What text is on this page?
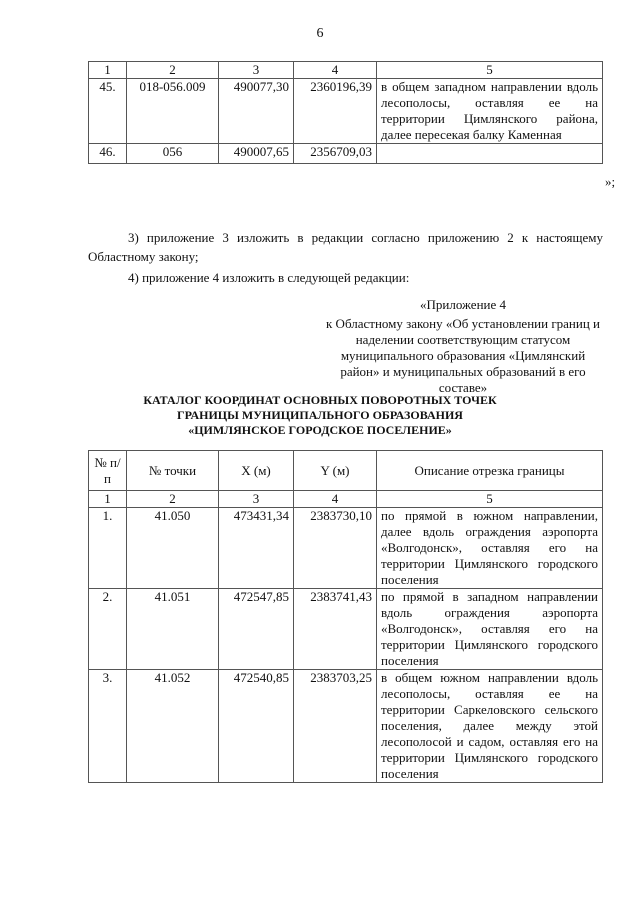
6
1	2	3	4	5
45.	018-056.009	490077,30	2360196,39	в общем западном направлении вдоль лесополосы, оставляя ее на территории Цимлянского района, далее пересекая балку Каменная
46.	056	490007,65	2356709,03	
»;
3) приложение 3 изложить в редакции согласно приложению 2 к настоящему Областному закону;
4) приложение 4 изложить в следующей редакции:
«Приложение 4
к Областному закону «Об установлении границ и наделении соответствующим статусом муниципального образования «Цимлянский район» и муниципальных образований в его составе»
КАТАЛОГ КООРДИНАТ ОСНОВНЫХ ПОВОРОТНЫХ ТОЧЕК
ГРАНИЦЫ МУНИЦИПАЛЬНОГО ОБРАЗОВАНИЯ
«ЦИМЛЯНСКОЕ ГОРОДСКОЕ ПОСЕЛЕНИЕ»
№ п/п	№ точки	X (м)	Y (м)	Описание отрезка границы
1	2	3	4	5
1.	41.050	473431,34	2383730,10	по прямой в южном направлении, далее вдоль ограждения аэропорта «Волгодонск», оставляя его на территории Цимлянского городского поселения
2.	41.051	472547,85	2383741,43	по прямой в западном направлении вдоль ограждения аэропорта «Волгодонск», оставляя его на территории Цимлянского городского поселения
3.	41.052	472540,85	2383703,25	в общем южном направлении вдоль лесополосы, оставляя ее на территории Саркеловского сельского поселения, далее между этой лесополосой и садом, оставляя его на территории Цимлянского городского поселения
